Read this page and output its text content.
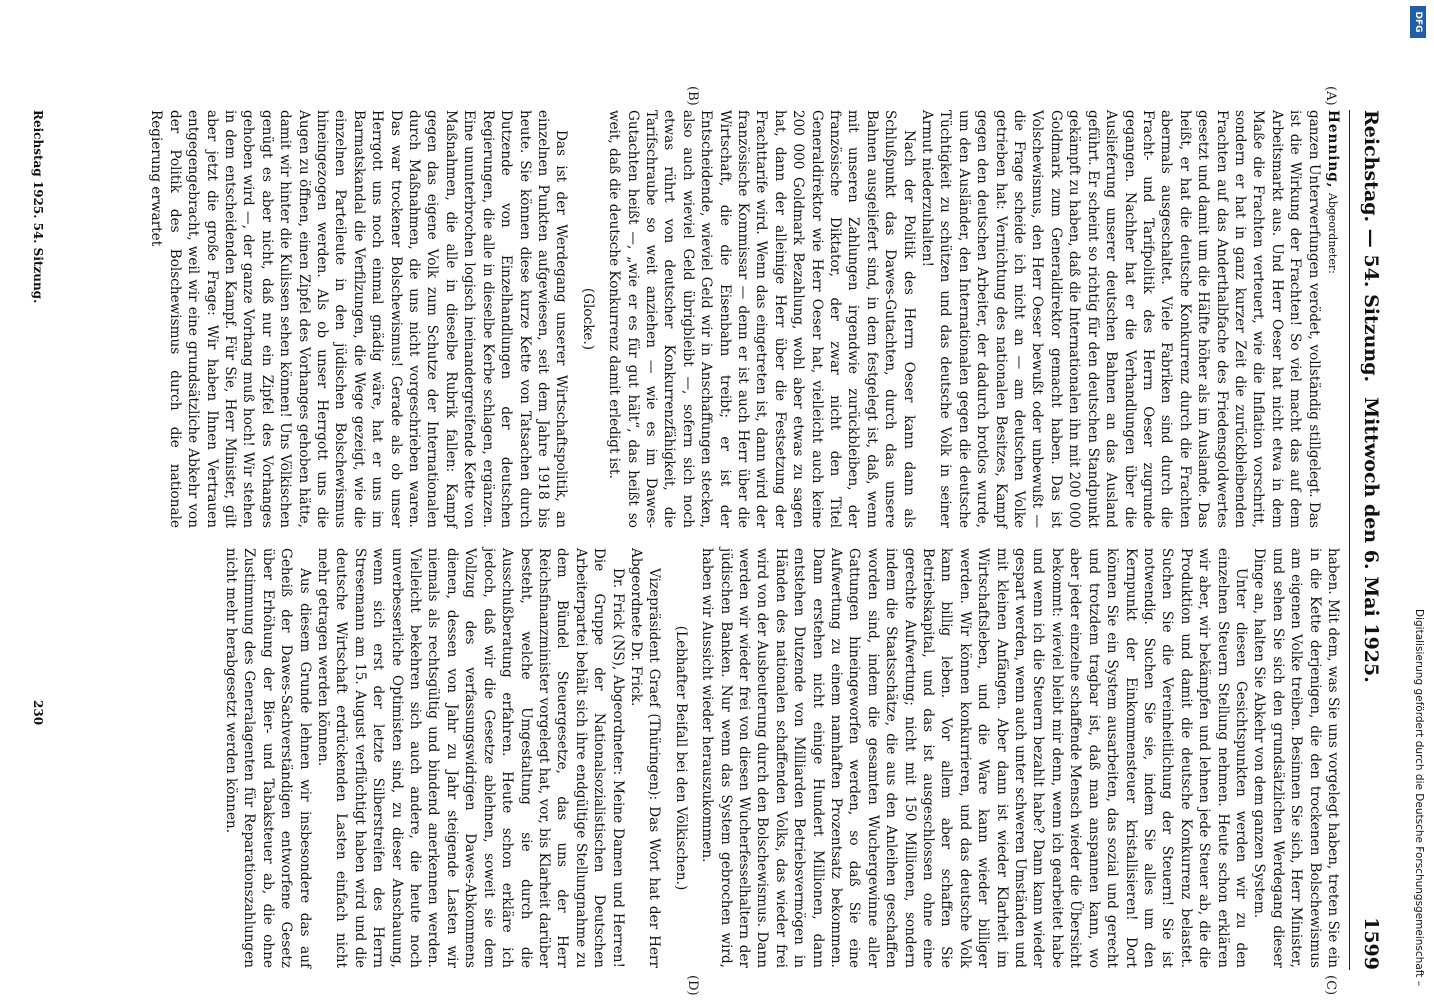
Reichstag. — 54. Sitzung.
Mittwoch den 6. Mai 1925.
1599
(A)
(B)
(C)
(D)

Henning, Abgeordneter:

ganzen Unterwerfungen verödet, vollständig stillgelegt. Das ist die Wirkung der Frachten! So viel macht das auf dem Arbeitsmarkt aus. Und Herr Oeser hat nicht etwa in dem Maße die Frachten verteuert, wie die Inflation vorschritt, sondern er hat in ganz kurzer Zeit die zurückbleibenden Frachten auf das Anderthalbfache des Friedensgoldwertes gesetzt und damit um die Hälfte höher als im Auslande. Das heißt, er hat die deutsche Konkurrenz durch die Frachten abermals ausgeschaltet. Viele Fabriken sind durch die Fracht- und Tarifpolitik des Herrn Oeser zugrunde gegangen. Nachher hat er die Verhandlungen über die Auslieferung unserer deutschen Bahnen an das Ausland geführt. Er scheint so richtig für den deutschen Standpunkt gekämpft zu haben, daß die Internationalen ihn mit 200 000 Goldmark zum Generaldirektor gemacht haben. Das ist Volschewismus, den Herr Oeser bewußt oder unbewußt — die Frage scheide ich nicht an — am deutschen Volke getrieben hat: Vernichtung des nationalen Besitzes, Kampf gegen den deutschen Arbeiter, der dadurch brotlos wurde, um den Ausländer, den Internationalen gegen die deutsche Tüchtigkeit zu schützen und das deutsche Volk in seiner Armut niederzuhalten!

Nach der Politik des Herrn Oeser kann dann als Schlußpunkt das Dawes-Gutachten, durch das unsere Bahnen ausgeliefert sind, in dem festgelegt ist, daß, wenn mit unseren Zahlungen irgendwie zurückbleiben, der französische Diktator, der zwar nicht den Titel Generaldirektor wie Herr Oeser hat, vielleicht auch keine 200 000 Goldmark Bezahlung, wohl aber etwas zu sagen hat, dann der alleinige Herr über die Festsetzung der Frachttarife wird. Wenn das eingetreten ist, dann wird der französische Kommissar — denn er ist auch Herr über die Wirtschaft, die die Eisenbahn treibt; er ist der Entscheidende, wieviel Geld wir in Anschaffungen stecken, also auch wieviel Geld übrigbleibt —, sofern sich noch etwas rührt von deutscher Konkurrenzfähigkeit, die Tarifschraube so weit anziehen — wie es im Dawes-Gutachten heißt —, „wie er es für gut hält“, das heißt so weit, daß die deutsche Konkurrenz damit erledigt ist.

(Glocke.)

Das ist der Werdegang unserer Wirtschaftspolitik, an einzelnen Punkten aufgewiesen, seit dem Jahre 1918 bis heute. Sie können diese kurze Kette von Tatsachen durch Dutzende von Einzelhandlungen der deutschen Regierungen, die alle in dieselbe Kerbe schlagen, ergänzen. Eine ununterbrochen logisch ineinandergreifende Kette von Maßnahmen, die alle in dieselbe Rubrik fallen: Kampf gegen das eigene Volk zum Schutze der Internationalen durch Maßnahmen, die uns nicht vorgeschrieben waren. Das war trockener Bolschewismus! Gerade als ob unser Herrgott uns noch einmal gnädig wäre, hat er uns im Barmatskandal die Verfilzungen, die Wege gezeigt, wie die einzelnen Parteileute in den jüdischen Bolschewismus hineingezogen werden. Als ob unser Herrgott uns die Augen zu öffnen, einen Zipfel des Vorhanges gehoben hätte, damit wir hinter die Kulissen sehen können! Uns Völkischen genügt es aber nicht, daß nur ein Zipfel des Vorhanges gehoben wird —, der ganze Vorhang muß hoch! Wir stehen in dem entscheidenden Kampf. Für Sie, Herr Minister, gilt aber jetzt die große Frage: Wir haben Ihnen Vertrauen entgegengebracht, weil wir eine grundsätzliche Abkehr von der Politik des Bolschewismus durch die nationale Regierung erwartet

haben. Mit dem, was Sie uns vorgelegt haben, treten Sie ein in die Kette derjenigen, die den trockenen Bolschewismus am eigenen Volke treiben. Besinnen Sie sich, Herr Minister, und sehen Sie sich den grundsätzlichen Werdegang dieser Dinge an, halten Sie Abkehr von dem ganzen System.

Unter diesen Gesichtspunkten werden wir zu den einzelnen Steuern Stellung nehmen. Heute schon erklären wir aber, wir bekämpfen und lehnen jede Steuer ab, die die Produktion und damit die deutsche Konkurrenz belastet. Suchen Sie die Vereinheitlichung der Steuern! Sie ist notwendig. Suchen Sie sie, indem Sie alles um den Kernpunkt der Einkommensteuer kristallisieren! Dort können Sie ein System ausarbeiten, das sozial und gerecht und trotzdem tragbar ist, daß man anspannen kann, wo aber jeder einzelne schaffende Mensch wieder die Übersicht bekommt: wieviel bleibt mir denn, wenn ich gearbeitet habe und wenn ich die Steuern bezahlt habe? Dann kann wieder gespart werden, wenn auch unter schweren Umständen und mit kleinen Anfängen. Aber dann ist wieder Klarheit im Wirtschaftsleben, und die Ware kann wieder billiger werden. Wir können konkurrieren, und das deutsche Volk kann billig leben. Vor allem aber schaffen Sie Betriebskapital, und das ist ausgeschlossen ohne eine gerechte Aufwertung; nicht mit 150 Millionen, sondern indem die Staatsschätze, die aus den Anleihen geschaffen worden sind, indem die gesamten Wuchergewinne aller Gattungen hineingeworfen werden, so daß Sie eine Aufwertung zu einem namhaften Prozentsatz bekommen. Dann erstehen nicht einige Hundert Millionen, dann entstehen Dutzende von Milliarden Betriebsvermögen in Händen des nationalen schaffenden Volks, das wieder frei wird von der Ausbeuterung durch den Bolschewismus. Dann werden wir wieder frei von diesen Wucherfesselhaltern der jüdischen Banken. Nur wenn das System gebrochen wird, haben wir Aussicht wieder herauszukommen.

(Lebhafter Beifall bei den Völkischen.)

Vizepräsident Graef (Thüringen): Das Wort hat der Herr Abgeordnete Dr. Frick.

Dr. Frick (NS), Abgeordneter: Meine Damen und Herren! Die Gruppe der Nationalsozialistischen Deutschen Arbeiterpartei behält sich ihre endgültige Stellungnahme zu dem Bündel Steuergesetze, das uns der Herr Reichsfinanzminister vorgelegt hat, vor, bis Klarheit darüber besteht, welche Umgestaltung sie durch die Ausschußberatung erfahren. Heute schon erkläre ich jedoch, daß wir die Gesetze ablehnen, soweit sie dem Vollzug des verfassungswidrigen Dawes-Abkommens dienen, dessen von Jahr zu Jahr steigende Lasten wir niemals als rechtsgültig und bindend anerkennen werden. Vielleicht bekehren sich auch andere, die heute noch unverbesserliche Optimisten sind, zu dieser Anschauung, wenn sich erst der letzte Silberstreifen des Herrn Stresemann am 15. August verflüchtigt haben wird und die deutsche Wirtschaft erdrückenden Lasten einfach nicht mehr getragen werden können.

Aus diesem Grunde lehnen wir insbesondere das auf Geheiß der Dawes-Sachverständigen entworfene Gesetz über Erhöhung der Bier- und Tabaksteuer ab, die ohne Zustimmung des Generalagenten für Reparationszahlungen nicht mehr herabgesetzt werden können.

Reichstag 1925. 54. Sitzung.
230	Digitalisierung gefördert durch die Deutsche Forschungsgemeinschaft –
DFG
